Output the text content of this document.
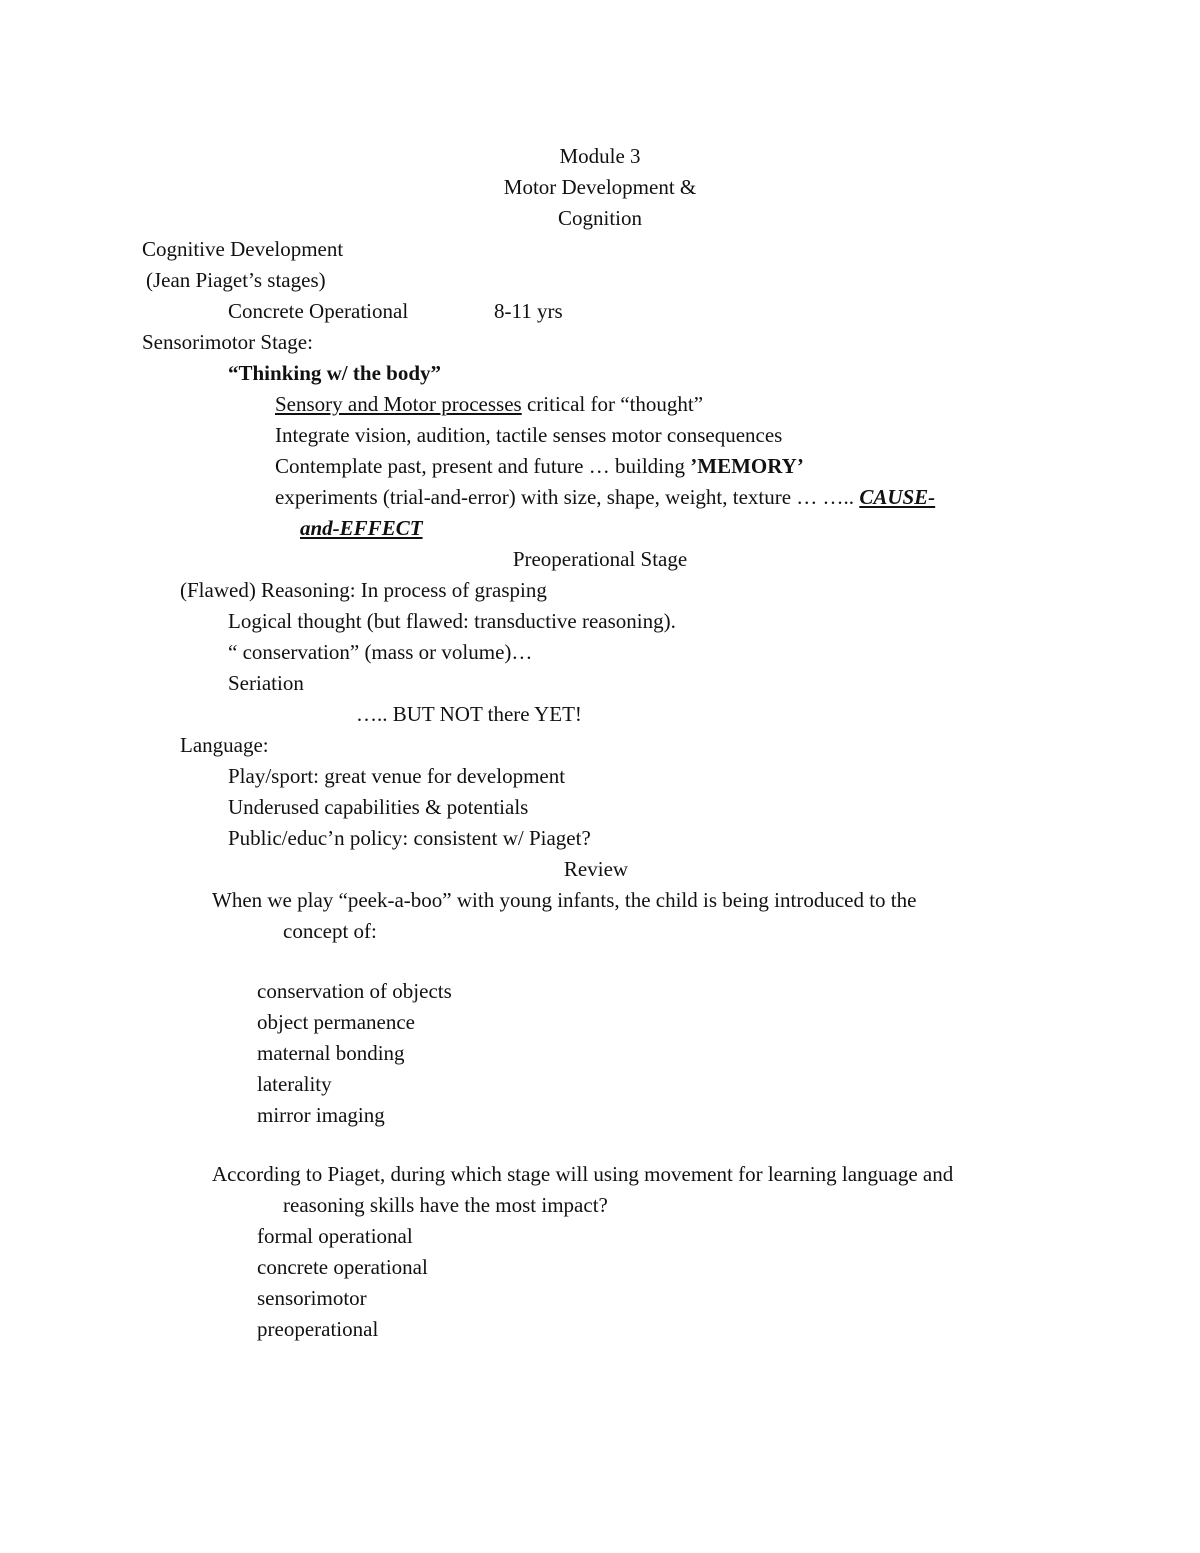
Module 3
Motor Development &
Cognition
Cognitive Development
(Jean Piaget’s stages)
Concrete Operational	8-11 yrs
Sensorimotor Stage:
“Thinking w/ the body”
Sensory and Motor processes critical for “thought”
Integrate vision, audition, tactile senses motor consequences
Contemplate past, present and future … building ’MEMORY’
experiments (trial-and-error) with size, shape, weight, texture … ….. CAUSE-
and-EFFECT
Preoperational Stage
(Flawed) Reasoning: In process of grasping
Logical thought (but flawed: transductive reasoning).
“ conservation” (mass or volume)…
Seriation
….. BUT NOT there YET!
Language:
Play/sport: great venue for development
Underused capabilities & potentials
Public/educ’n policy: consistent w/ Piaget?
Review
When we play “peek-a-boo” with young infants, the child is being introduced to the
concept of:
conservation of objects
object permanence
maternal bonding
laterality
mirror imaging
According to Piaget, during which stage will using movement for learning language and
reasoning skills have the most impact?
formal operational
concrete operational
sensorimotor
preoperational
